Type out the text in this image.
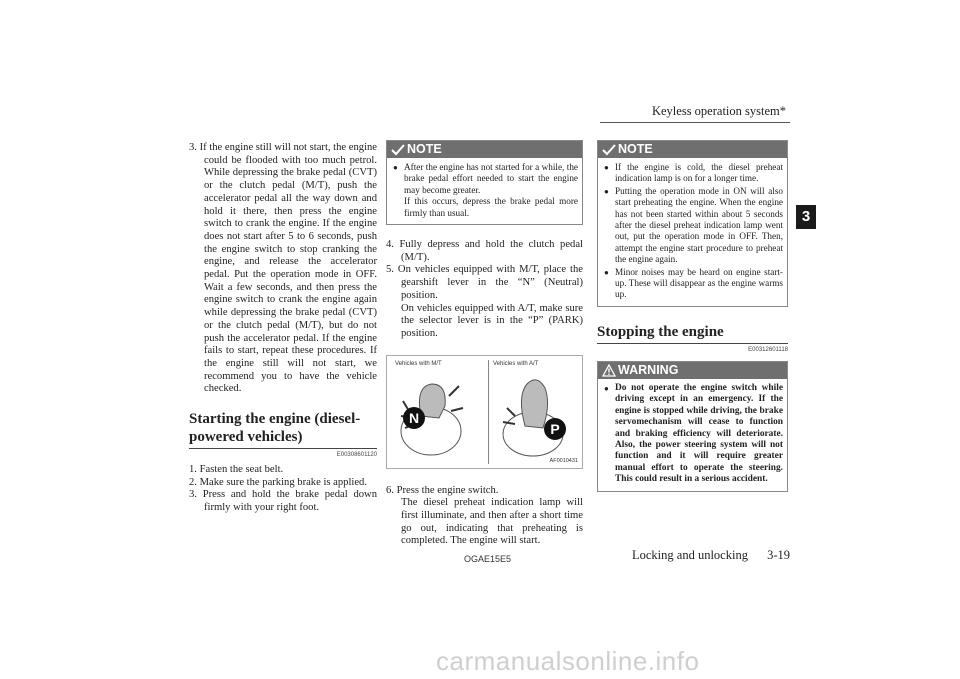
Keyless operation system*
3

3. If the engine still will not start, the engine could be flooded with too much petrol. While depressing the brake pedal (CVT) or the clutch pedal (M/T), push the accelerator pedal all the way down and hold it there, then press the engine switch to crank the engine. If the engine does not start after 5 to 6 seconds, push the engine switch to stop cranking the engine, and release the accelerator pedal. Put the operation mode in OFF. Wait a few seconds, and then press the engine switch to crank the engine again while depressing the brake pedal (CVT) or the clutch pedal (M/T), but do not push the accelerator pedal. If the engine fails to start, repeat these procedures. If the engine still will not start, we recommend you to have the vehicle checked.

Starting the engine (diesel-powered vehicles)
E00308601120

1. Fasten the seat belt.

2. Make sure the parking brake is applied.

3. Press and hold the brake pedal down firmly with your right foot.

NOTE

● After the engine has not started for a while, the brake pedal effort needed to start the engine may become greater.
If this occurs, depress the brake pedal more firmly than usual.

4. Fully depress and hold the clutch pedal (M/T).

5. On vehicles equipped with M/T, place the gearshift lever in the “N” (Neutral) position.
On vehicles equipped with A/T, make sure the selector lever is in the “P” (PARK) position.

Vehicles with M/T	Vehicles with A/T
N
P
AF0010431

6. Press the engine switch.
The diesel preheat indication lamp will first illuminate, and then after a short time go out, indicating that preheating is completed. The engine will start.

NOTE

● If the engine is cold, the diesel preheat indication lamp is on for a longer time.

● Putting the operation mode in ON will also start preheating the engine. When the engine has not been started within about 5 seconds after the diesel preheat indication lamp went out, put the operation mode in OFF. Then, attempt the engine start procedure to preheat the engine again.

● Minor noises may be heard on engine start-up. These will disappear as the engine warms up.

Stopping the engine
E00312601118
WARNING

● Do not operate the engine switch while driving except in an emergency. If the engine is stopped while driving, the brake servomechanism will cease to function and braking efficiency will deteriorate. Also, the power steering system will not function and it will require greater manual effort to operate the steering. This could result in a serious accident.

OGAE15E5	Locking and unlocking 3-19
carmanualsonline.info
